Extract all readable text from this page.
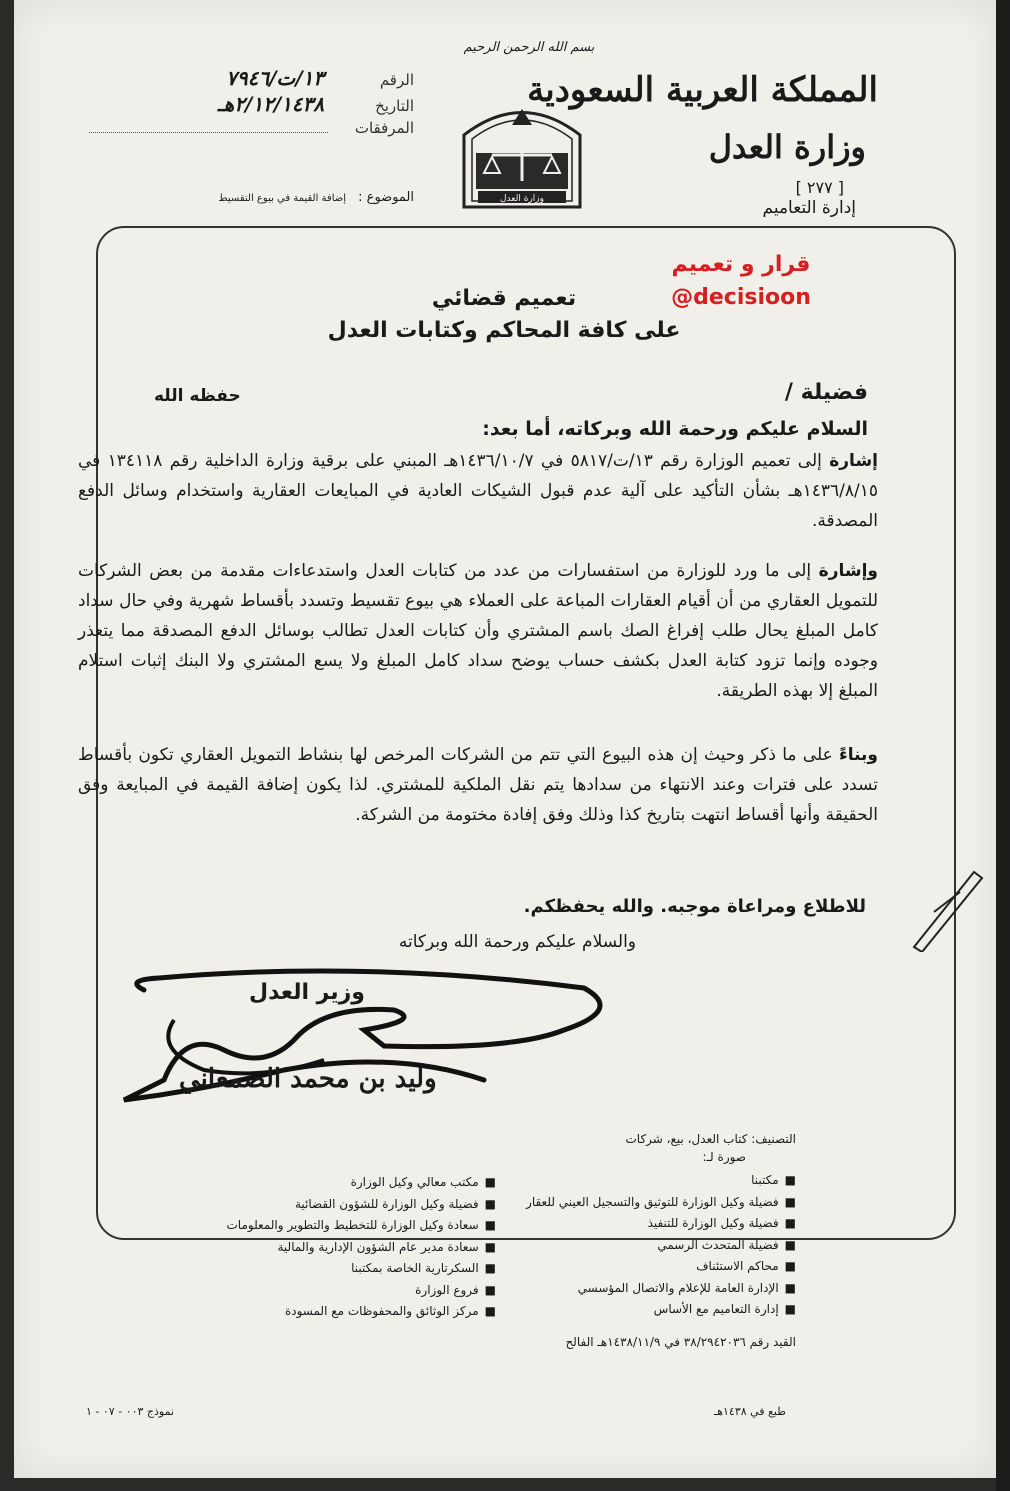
المملكة العربية السعودية
وزارة العدل
[ ٢٧٧ ]
إدارة التعاميم
بسم الله الرحمن الرحيم
وزارة العدل
الرقم
١٣/ت/٧٩٤٦
التاريخ
٢/١٢/١٤٣٨هـ
المرفقات
الموضوع : إضافة القيمة في بيوع التقسيط
قرار و تعميم
@decisioon
تعميم قضائي
على كافة المحاكم وكتابات العدل
فضيلة /
حفظه الله
السلام عليكم ورحمة الله وبركاته، أما بعد:
إشارة إلى تعميم الوزارة رقم ١٣/ت/٥٨١٧ في ١٤٣٦/١٠/٧هـ المبني على برقية وزارة الداخلية رقم ١٣٤١١٨ في ١٤٣٦/٨/١٥هـ بشأن التأكيد على آلية عدم قبول الشيكات العادية في المبايعات العقارية واستخدام وسائل الدفع المصدقة.
وإشارة إلى ما ورد للوزارة من استفسارات من عدد من كتابات العدل واستدعاءات مقدمة من بعض الشركات للتمويل العقاري من أن أقيام العقارات المباعة على العملاء هي بيوع تقسيط وتسدد بأقساط شهرية وفي حال سداد كامل المبلغ يحال طلب إفراغ الصك باسم المشتري وأن كتابات العدل تطالب بوسائل الدفع المصدقة مما يتعذر وجوده وإنما تزود كتابة العدل بكشف حساب يوضح سداد كامل المبلغ ولا يسع المشتري ولا البنك إثبات استلام المبلغ إلا بهذه الطريقة.
وبناءً على ما ذكر وحيث إن هذه البيوع التي تتم من الشركات المرخص لها بنشاط التمويل العقاري تكون بأقساط تسدد على فترات وعند الانتهاء من سدادها يتم نقل الملكية للمشتري. لذا يكون إضافة القيمة في المبايعة وفق الحقيقة وأنها أقساط انتهت بتاريخ كذا وذلك وفق إفادة مختومة من الشركة.
للاطلاع ومراعاة موجبه. والله يحفظكم.
والسلام عليكم ورحمة الله وبركاته
وزير العدل
وليد بن محمد الصمعاني
التصنيف: كتاب العدل، بيع، شركات
صورة لـ:
■مكتبنا
■فضيلة وكيل الوزارة للتوثيق والتسجيل العيني للعقار
■فضيلة وكيل الوزارة للتنفيذ
■فضيلة المتحدث الرسمي
■محاكم الاستئناف
■الإدارة العامة للإعلام والاتصال المؤسسي
■إدارة التعاميم مع الأساس
■مكتب معالي وكيل الوزارة
■فضيلة وكيل الوزارة للشؤون القضائية
■سعادة وكيل الوزارة للتخطيط والتطوير والمعلومات
■سعادة مدير عام الشؤون الإدارية والمالية
■السكرتارية الخاصة بمكتبنا
■فروع الوزارة
■مركز الوثائق والمحفوظات مع المسودة
القيد رقم ٣٨/٢٩٤٢٠٣٦ في ١٤٣٨/١١/٩هـ الفالح
طبع في ١٤٣٨هـ
نموذج ٠٠٣ - ٠٧ - ١
